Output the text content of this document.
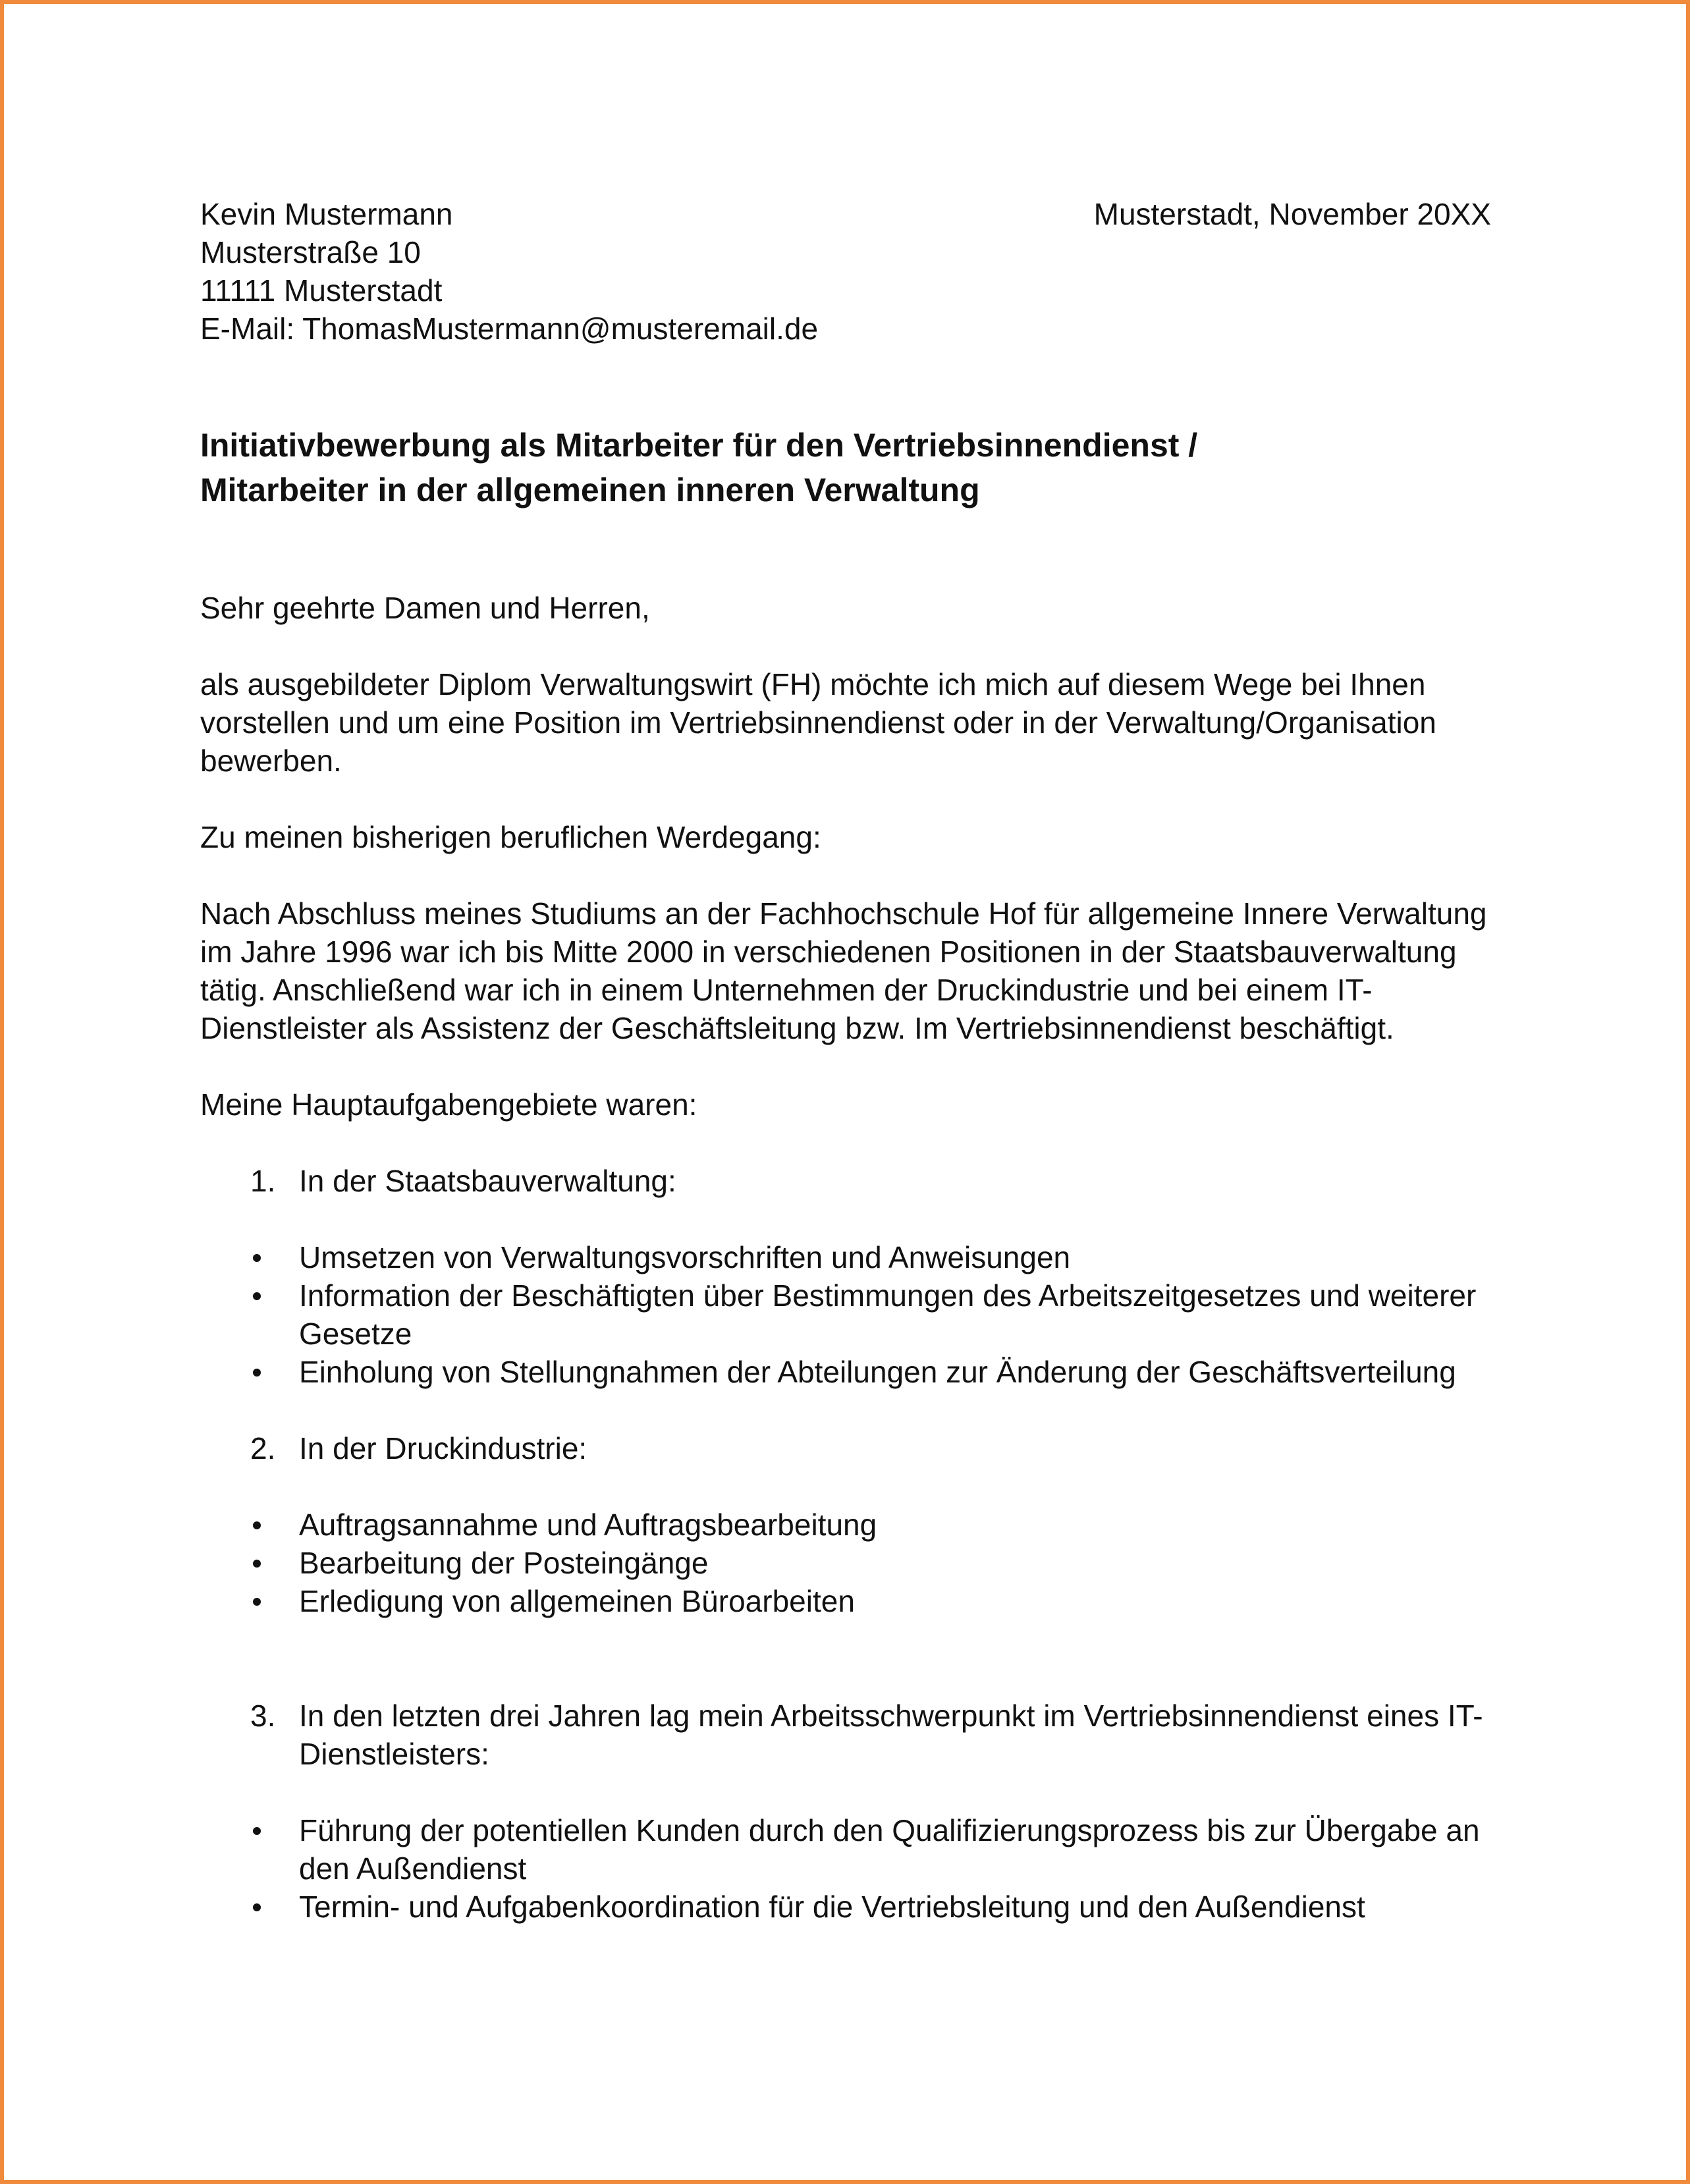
Kevin Mustermann
Musterstraße 10
11111 Musterstadt
E-Mail: ThomasMustermann@musteremail.de
Musterstadt, November 20XX
Initiativbewerbung als Mitarbeiter für den Vertriebsinnendienst /
Mitarbeiter in der allgemeinen inneren Verwaltung

Sehr geehrte Damen und Herren,

als ausgebildeter Diplom Verwaltungswirt (FH) möchte ich mich auf diesem Wege bei Ihnen vorstellen und um eine Position im Vertriebsinnendienst oder in der Verwaltung/Organisation bewerben.

Zu meinen bisherigen beruflichen Werdegang:

Nach Abschluss meines Studiums an der Fachhochschule Hof für allgemeine Innere Verwaltung im Jahre 1996 war ich bis Mitte 2000 in verschiedenen Positionen in der Staatsbauverwaltung tätig. Anschließend war ich in einem Unternehmen der Druckindustrie und bei einem IT-Dienstleister als Assistenz der Geschäftsleitung bzw. Im Vertriebsinnendienst beschäftigt.

Meine Hauptaufgabengebiete waren:

1. In der Staatsbauverwaltung:
Umsetzen von Verwaltungsvorschriften und Anweisungen
Information der Beschäftigten über Bestimmungen des Arbeitszeitgesetzes und weiterer Gesetze
Einholung von Stellungnahmen der Abteilungen zur Änderung der Geschäftsverteilung
2. In der Druckindustrie:
Auftragsannahme und Auftragsbearbeitung
Bearbeitung der Posteingänge
Erledigung von allgemeinen Büroarbeiten
3. In den letzten drei Jahren lag mein Arbeitsschwerpunkt im Vertriebsinnendienst eines IT-Dienstleisters:
Führung der potentiellen Kunden durch den Qualifizierungsprozess bis zur Übergabe an den Außendienst
Termin- und Aufgabenkoordination für die Vertriebsleitung und den Außendienst
